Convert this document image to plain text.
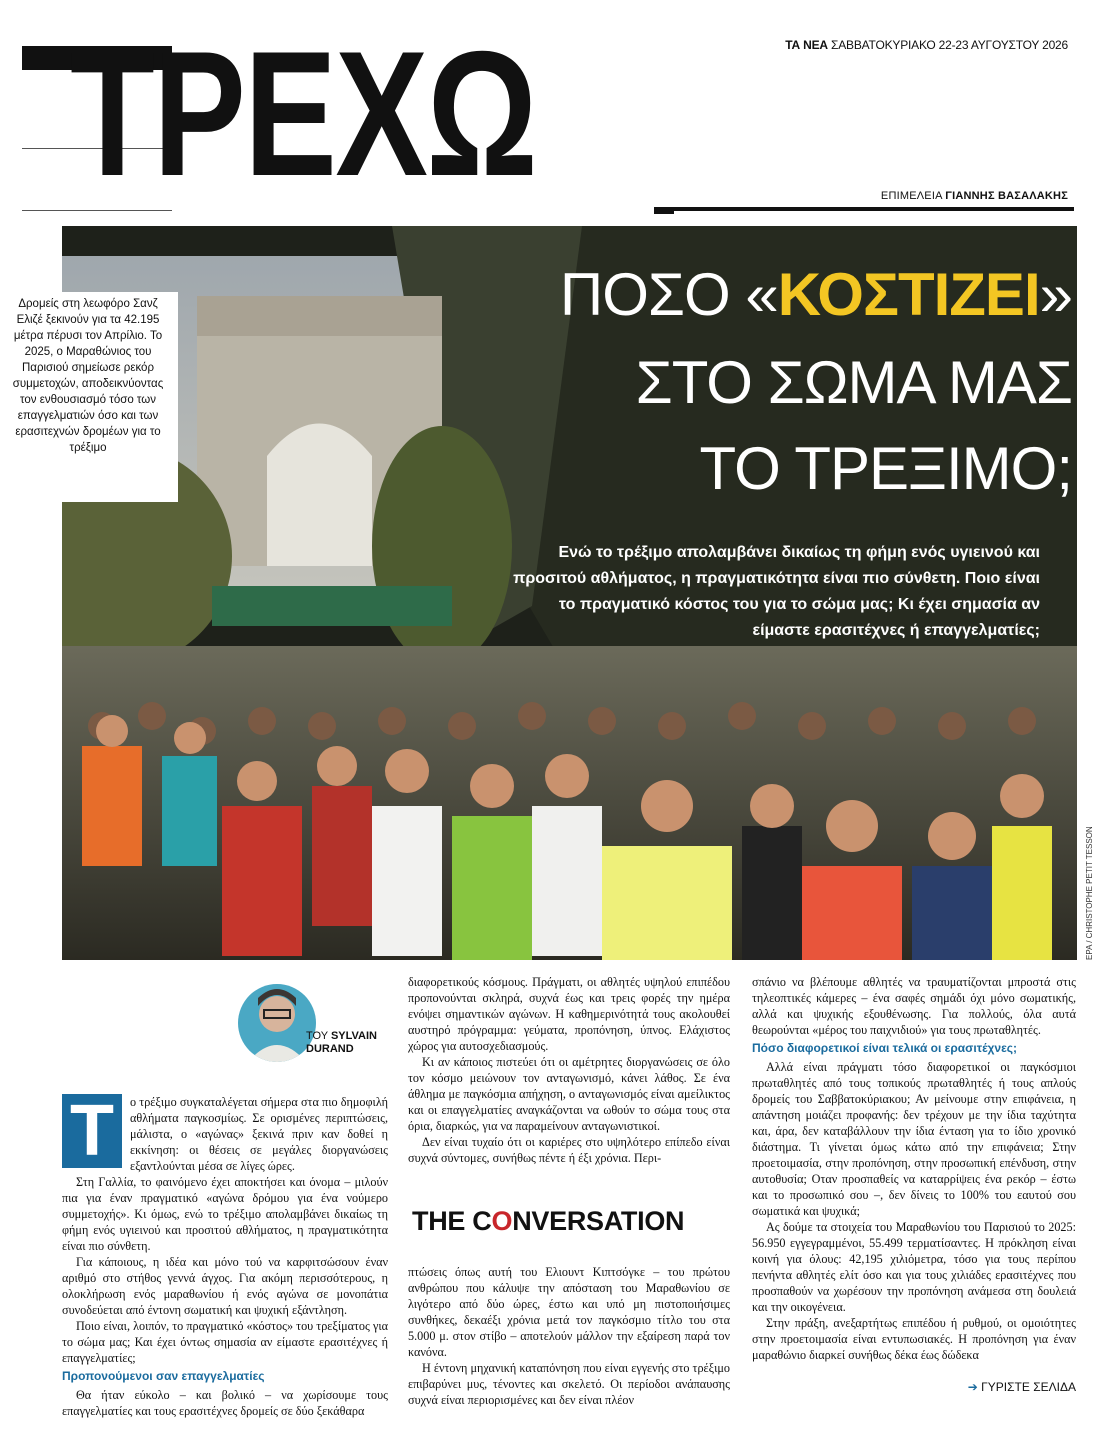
ΤΡΕΧΩ	ΤΑ ΝΕΑ ΣΑΒΒΑΤΟΚΥΡΙΑΚΟ 22-23 ΑΥΓΟΥΣΤΟΥ 2026
ΕΠΙΜΕΛΕΙΑ ΓΙΑΝΝΗΣ ΒΑΣΑΛΑΚΗΣ
EPA / CHRISTOPHE PETIT TESSON
Δρομείς στη λεωφόρο Σανζ Ελιζέ ξεκινούν για τα 42.195 μέτρα πέρυσι τον Απρίλιο. Το 2025, ο Μαραθώνιος του Παρισιού σημείωσε ρεκόρ συμμετοχών, αποδεικνύοντας τον ενθουσιασμό τόσο των επαγγελματιών όσο και των ερασιτεχνών δρομέων για το τρέξιμο
ΠΟΣΟ «ΚΟΣΤΙΖΕΙ»
ΣΤΟ ΣΩΜΑ ΜΑΣ
ΤΟ ΤΡΕΞΙΜΟ;
Ενώ το τρέξιμο απολαμβάνει δικαίως τη φήμη ενός υγιεινού και προσιτού αθλήματος, η πραγματικότητα είναι πιο σύνθετη. Ποιο είναι το πραγματικό κόστος του για το σώμα μας; Κι έχει σημασία αν είμαστε ερασιτέχνες ή επαγγελματίες;
ΤΟΥ SYLVAIN
DURAND
Τ	ο τρέξιμο συγκαταλέγεται σήμερα στα πιο δημοφιλή αθλήματα παγκοσμίως. Σε ορισμένες περιπτώσεις, μάλιστα, ο «αγώνας» ξεκινά πριν καν δοθεί η εκκίνηση: οι θέσεις σε μεγάλες διοργανώσεις εξαντλούνται μέσα σε λίγες ώρες.

Στη Γαλλία, το φαινόμενο έχει αποκτήσει και όνομα – μιλούν πια για έναν πραγματικό «αγώνα δρόμου για ένα νούμερο συμμετοχής». Κι όμως, ενώ το τρέξιμο απολαμβάνει δικαίως τη φήμη ενός υγιεινού και προσιτού αθλήματος, η πραγματικότητα είναι πιο σύνθετη.

Για κάποιους, η ιδέα και μόνο τού να καρφιτσώσουν έναν αριθμό στο στήθος γεννά άγχος. Για ακόμη περισσότερους, η ολοκλήρωση ενός μαραθωνίου ή ενός αγώνα σε μονοπάτια συνοδεύεται από έντονη σωματική και ψυχική εξάντληση.

Ποιο είναι, λοιπόν, το πραγματικό «κόστος» του τρεξίματος για το σώμα μας; Και έχει όντως σημασία αν είμαστε ερασιτέχνες ή επαγγελματίες;

Προπονούμενοι σαν επαγγελματίες

Θα ήταν εύκολο – και βολικό – να χωρίσουμε τους επαγγελματίες και τους ερασιτέχνες δρομείς σε δύο ξεκάθαρα

διαφορετικούς κόσμους. Πράγματι, οι αθλητές υψηλού επιπέδου προπονούνται σκληρά, συχνά έως και τρεις φορές την ημέρα ενόψει σημαντικών αγώνων. Η καθημερινότητά τους ακολουθεί αυστηρό πρόγραμμα: γεύματα, προπόνηση, ύπνος. Ελάχιστος χώρος για αυτοσχεδιασμούς.

Κι αν κάποιος πιστεύει ότι οι αμέτρητες διοργανώσεις σε όλο τον κόσμο μειώνουν τον ανταγωνισμό, κάνει λάθος. Σε ένα άθλημα με παγκόσμια απήχηση, ο ανταγωνισμός είναι αμείλικτος και οι επαγγελματίες αναγκάζονται να ωθούν το σώμα τους στα όρια, διαρκώς, για να παραμείνουν ανταγωνιστικοί.

Δεν είναι τυχαίο ότι οι καριέρες στο υψηλότερο επίπεδο είναι συχνά σύντομες, συνήθως πέντε ή έξι χρόνια. Περι-

THE CONVERSATION

πτώσεις όπως αυτή του Ελιουντ Κιπτσόγκε – του πρώτου ανθρώπου που κάλυψε την απόσταση του Μαραθωνίου σε λιγότερο από δύο ώρες, έστω και υπό μη πιστοποιήσιμες συνθήκες, δεκαέξι χρόνια μετά τον παγκόσμιο τίτλο του στα 5.000 μ. στον στίβο – αποτελούν μάλλον την εξαίρεση παρά τον κανόνα.

Η έντονη μηχανική καταπόνηση που είναι εγγενής στο τρέξιμο επιβαρύνει μυς, τένοντες και σκελετό. Οι περίοδοι ανάπαυσης συχνά είναι περιορισμένες και δεν είναι πλέον

σπάνιο να βλέπουμε αθλητές να τραυματίζονται μπροστά στις τηλεοπτικές κάμερες – ένα σαφές σημάδι όχι μόνο σωματικής, αλλά και ψυχικής εξουθένωσης. Για πολλούς, όλα αυτά θεωρούνται «μέρος του παιχνιδιού» για τους πρωταθλητές.

Πόσο διαφορετικοί είναι τελικά οι ερασιτέχνες;

Αλλά είναι πράγματι τόσο διαφορετικοί οι παγκόσμιοι πρωταθλητές από τους τοπικούς πρωταθλητές ή τους απλούς δρομείς του Σαββατοκύριακου; Αν μείνουμε στην επιφάνεια, η απάντηση μοιάζει προφανής: δεν τρέχουν με την ίδια ταχύτητα και, άρα, δεν καταβάλλουν την ίδια ένταση για το ίδιο χρονικό διάστημα. Τι γίνεται όμως κάτω από την επιφάνεια; Στην προετοιμασία, στην προπόνηση, στην προσωπική επένδυση, στην αυτοθυσία; Οταν προσπαθείς να καταρρίψεις ένα ρεκόρ – έστω και το προσωπικό σου –, δεν δίνεις το 100% του εαυτού σου σωματικά και ψυχικά;

Ας δούμε τα στοιχεία του Μαραθωνίου του Παρισιού το 2025: 56.950 εγγεγραμμένοι, 55.499 τερματίσαντες. Η πρόκληση είναι κοινή για όλους: 42,195 χιλιόμετρα, τόσο για τους περίπου πενήντα αθλητές ελίτ όσο και για τους χιλιάδες ερασιτέχνες που προσπαθούν να χωρέσουν την προπόνηση ανάμεσα στη δουλειά και την οικογένεια.

Στην πράξη, ανεξαρτήτως επιπέδου ή ρυθμού, οι ομοιότητες στην προετοιμασία είναι εντυπωσιακές. Η προπόνηση για έναν μαραθώνιο διαρκεί συνήθως δέκα έως δώδεκα

➔ ΓΥΡΙΣΤΕ ΣΕΛΙΔΑ
